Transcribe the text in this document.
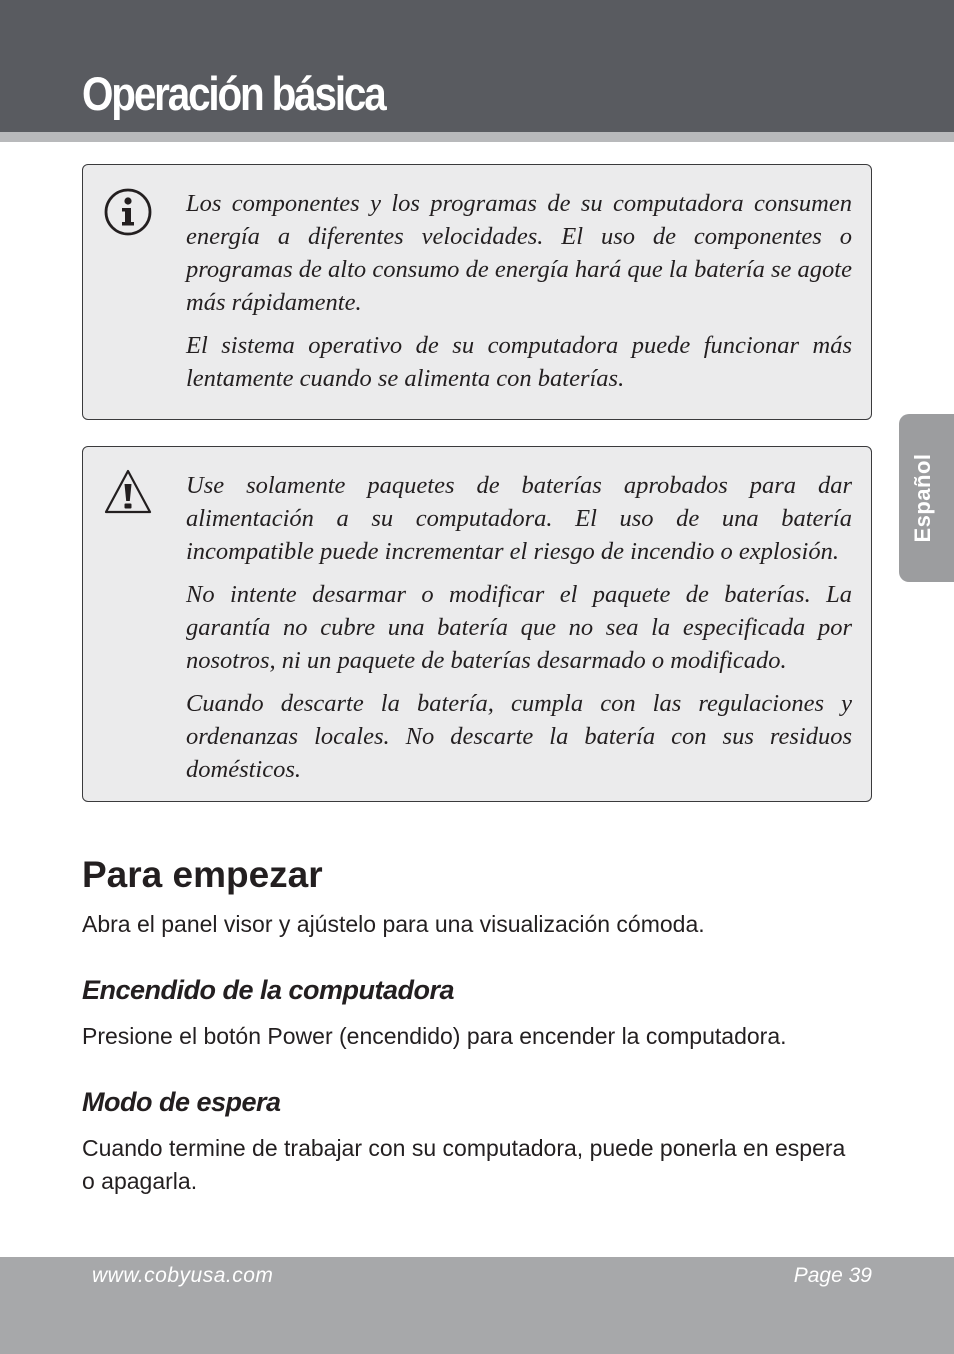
Operación básica
Español

Los componentes y los programas de su computadora consumen energía a diferentes velocidades. El uso de componentes o programas de alto consumo de energía hará que la batería se agote más rápidamente.

El sistema operativo de su computadora puede funcionar más lentamente cuando se alimenta con baterías.

Use solamente paquetes de baterías aprobados para dar alimentación a su computadora. El uso de una batería incompatible puede incrementar el riesgo de incendio o explosión.

No intente desarmar o modificar el paquete de baterías. La garantía no cubre una batería que no sea la especificada por nosotros, ni un paquete de baterías desarmado o modificado.

Cuando descarte la batería, cumpla con las regulaciones y ordenanzas locales. No descarte la batería con sus residuos domésticos.

Para empezar

Abra el panel visor y ajústelo para una visualización cómoda.

Encendido de la computadora

Presione el botón Power (encendido) para encender la computadora.

Modo de espera

Cuando termine de trabajar con su computadora, puede ponerla en espera o apagarla.

www.cobyusa.com	Page 39
